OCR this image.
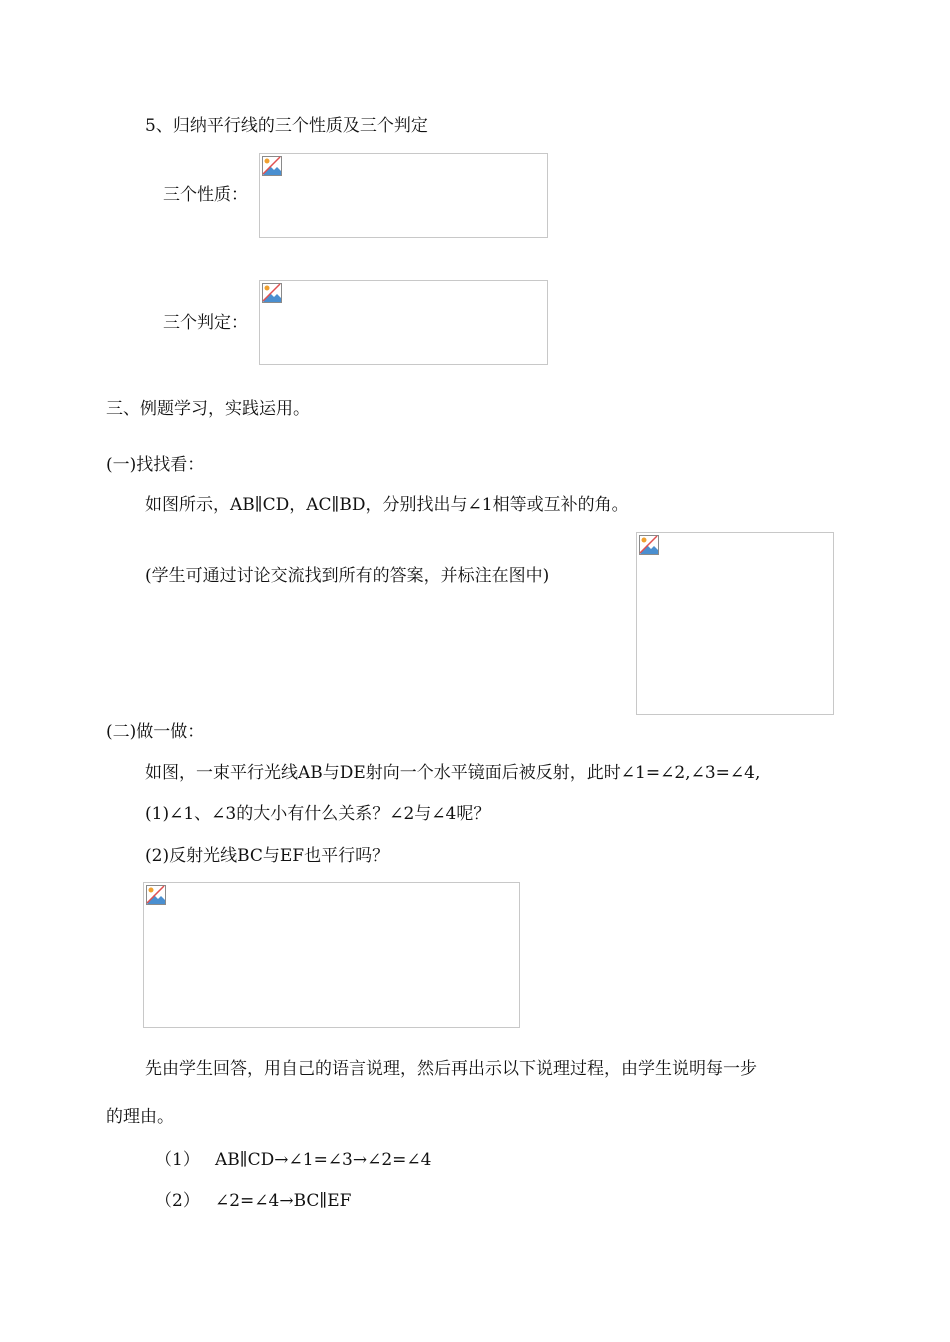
5、归纳平行线的三个性质及三个判定
三个性质：
三个判定：
三、例题学习，实践运用。
(一)找找看：
如图所示，AB∥CD，AC∥BD，分别找出与∠1相等或互补的角。
(学生可通过讨论交流找到所有的答案，并标注在图中)
(二)做一做：
如图，一束平行光线AB与DE射向一个水平镜面后被反射，此时∠1=∠2,∠3=∠4,
(1)∠1、∠3的大小有什么关系？∠2与∠4呢？
(2)反射光线BC与EF也平行吗？
先由学生回答，用自己的语言说理，然后再出示以下说理过程，由学生说明每一步
的理由。
（1） AB∥CD→∠1=∠3→∠2=∠4
（2） ∠2=∠4→BC∥EF
